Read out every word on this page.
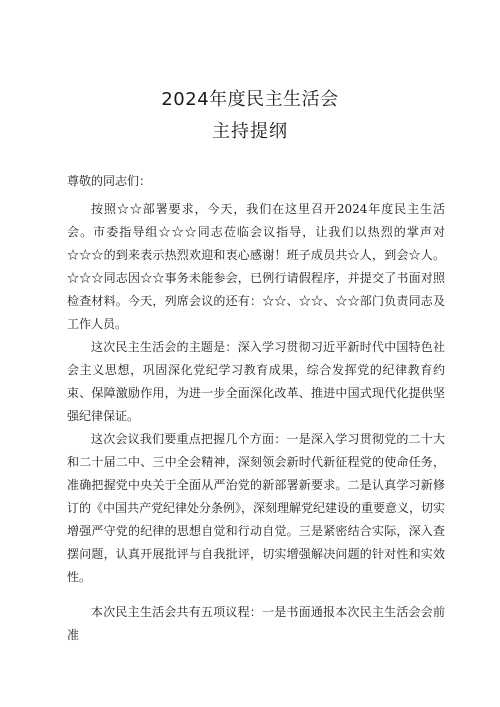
2024年度民主生活会
主持提纲

尊敬的同志们：

按照☆☆部署要求，今天，我们在这里召开2024年度民主生活会。市委指导组☆☆☆同志莅临会议指导，让我们以热烈的掌声对☆☆☆的到来表示热烈欢迎和衷心感谢！班子成员共☆人，到会☆人。☆☆☆同志因☆☆事务未能参会，已例行请假程序，并提交了书面对照检查材料。今天，列席会议的还有：☆☆、☆☆、☆☆部门负责同志及工作人员。

这次民主生活会的主题是：深入学习贯彻习近平新时代中国特色社会主义思想，巩固深化党纪学习教育成果，综合发挥党的纪律教育约束、保障激励作用，为进一步全面深化改革、推进中国式现代化提供坚强纪律保证。

这次会议我们要重点把握几个方面：一是深入学习贯彻党的二十大和二十届二中、三中全会精神，深刻领会新时代新征程党的使命任务，准确把握党中央关于全面从严治党的新部署新要求。二是认真学习新修订的《中国共产党纪律处分条例》，深刻理解党纪建设的重要意义，切实增强严守党的纪律的思想自觉和行动自觉。三是紧密结合实际，深入查摆问题，认真开展批评与自我批评，切实增强解决问题的针对性和实效性。

本次民主生活会共有五项议程：一是书面通报本次民主生活会会前准
